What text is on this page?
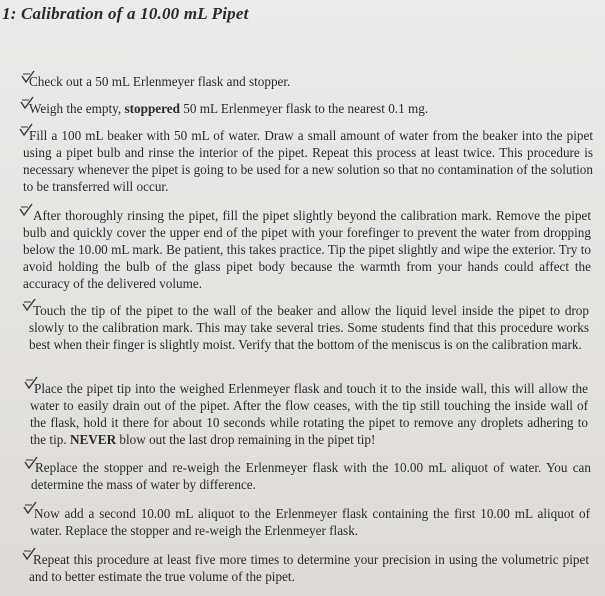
1: Calibration of a 10.00 mL Pipet
Check out a 50 mL Erlenmeyer flask and stopper.
Weigh the empty, stoppered 50 mL Erlenmeyer flask to the nearest 0.1 mg.
Fill a 100 mL beaker with 50 mL of water. Draw a small amount of water from the beaker into the pipet using a pipet bulb and rinse the interior of the pipet. Repeat this process at least twice. This procedure is necessary whenever the pipet is going to be used for a new solution so that no contamination of the solution to be transferred will occur.
After thoroughly rinsing the pipet, fill the pipet slightly beyond the calibration mark. Remove the pipet bulb and quickly cover the upper end of the pipet with your forefinger to prevent the water from dropping below the 10.00 mL mark. Be patient, this takes practice. Tip the pipet slightly and wipe the exterior. Try to avoid holding the bulb of the glass pipet body because the warmth from your hands could affect the accuracy of the delivered volume.
Touch the tip of the pipet to the wall of the beaker and allow the liquid level inside the pipet to drop slowly to the calibration mark. This may take several tries. Some students find that this procedure works best when their finger is slightly moist. Verify that the bottom of the meniscus is on the calibration mark.
Place the pipet tip into the weighed Erlenmeyer flask and touch it to the inside wall, this will allow the water to easily drain out of the pipet. After the flow ceases, with the tip still touching the inside wall of the flask, hold it there for about 10 seconds while rotating the pipet to remove any droplets adhering to the tip. NEVER blow out the last drop remaining in the pipet tip!
Replace the stopper and re-weigh the Erlenmeyer flask with the 10.00 mL aliquot of water. You can determine the mass of water by difference.
Now add a second 10.00 mL aliquot to the Erlenmeyer flask containing the first 10.00 mL aliquot of water. Replace the stopper and re-weigh the Erlenmeyer flask.
Repeat this procedure at least five more times to determine your precision in using the volumetric pipet and to better estimate the true volume of the pipet.
